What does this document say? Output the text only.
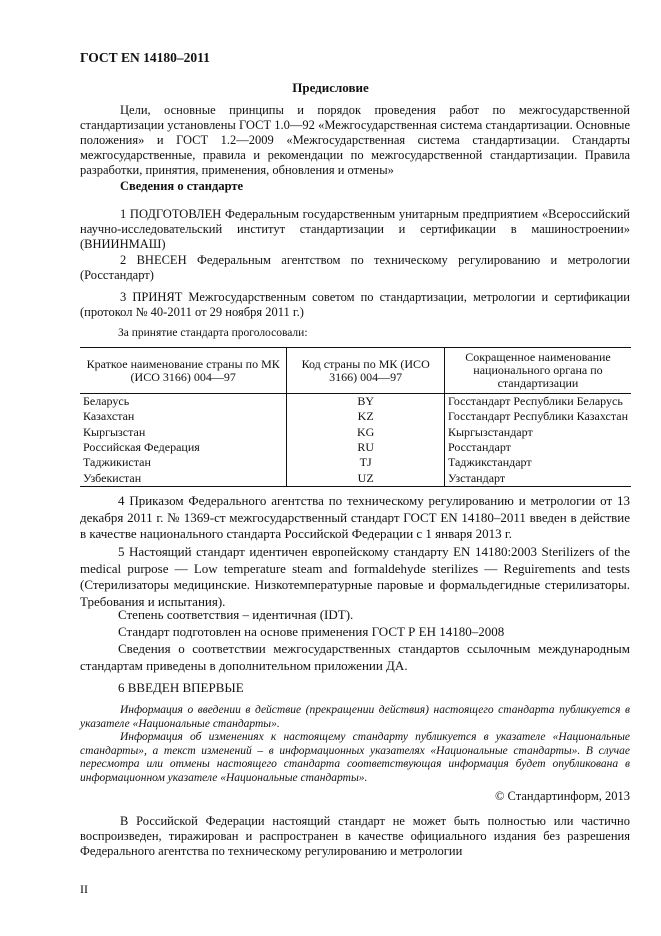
ГОСТ EN 14180–2011
Предисловие
Цели, основные принципы и порядок проведения работ по межгосударственной стандартизации установлены ГОСТ 1.0—92 «Межгосударственная система стандартизации. Основные положения» и ГОСТ 1.2—2009 «Межгосударственная система стандартизации. Стандарты межгосударственные, правила и рекомендации по межгосударственной стандартизации. Правила разработки, принятия, применения, обновления и отмены»
Сведения о стандарте
1 ПОДГОТОВЛЕН Федеральным государственным унитарным предприятием «Всероссийский научно-исследовательский институт стандартизации и сертификации в машиностроении» (ВНИИНМАШ)
2 ВНЕСЕН Федеральным агентством по техническому регулированию и метрологии (Росстандарт)
3 ПРИНЯТ Межгосударственным советом по стандартизации, метрологии и сертификации (протокол № 40-2011 от 29 ноября 2011 г.)
За принятие стандарта проголосовали:
Краткое наименование страны по МК (ИСО 3166) 004—97	Код страны по МК (ИСО 3166) 004—97	Сокращенное наименование национального органа по стандартизации
Беларусь	BY	Госстандарт Республики Беларусь
Казахстан	KZ	Госстандарт Республики Казахстан
Кыргызстан	KG	Кыргызстандарт
Российская Федерация	RU	Росстандарт
Таджикистан	TJ	Таджикстандарт
Узбекистан	UZ	Узстандарт
4 Приказом Федерального агентства по техническому регулированию и метрологии от 13 декабря 2011 г. № 1369-ст межгосударственный стандарт ГОСТ EN 14180–2011 введен в действие в качестве национального стандарта Российской Федерации с 1 января 2013 г.
5 Настоящий стандарт идентичен европейскому стандарту EN 14180:2003 Sterilizers of the medical purpose — Low temperature steam and formaldehyde sterilizes — Reguirements and tests (Стерилизаторы медицинские. Низкотемпературные паровые и формальдегидные стерилизаторы. Требования и испытания).
Степень соответствия – идентичная (IDT).
Стандарт подготовлен на основе применения ГОСТ Р ЕН 14180–2008
Сведения о соответствии межгосударственных стандартов ссылочным международным стандартам приведены в дополнительном приложении ДА.
6 ВВЕДЕН ВПЕРВЫЕ
Информация о введении в действие (прекращении действия) настоящего стандарта публикуется в указателе «Национальные стандарты».
Информация об изменениях к настоящему стандарту публикуется в указателе «Национальные стандарты», а текст изменений – в информационных указателях «Национальные стандарты». В случае пересмотра или отмены настоящего стандарта соответствующая информация будет опубликована в информационном указателе «Национальные стандарты».
© Стандартинформ, 2013
В Российской Федерации настоящий стандарт не может быть полностью или частично воспроизведен, тиражирован и распространен в качестве официального издания без разрешения Федерального агентства по техническому регулированию и метрологии
II
